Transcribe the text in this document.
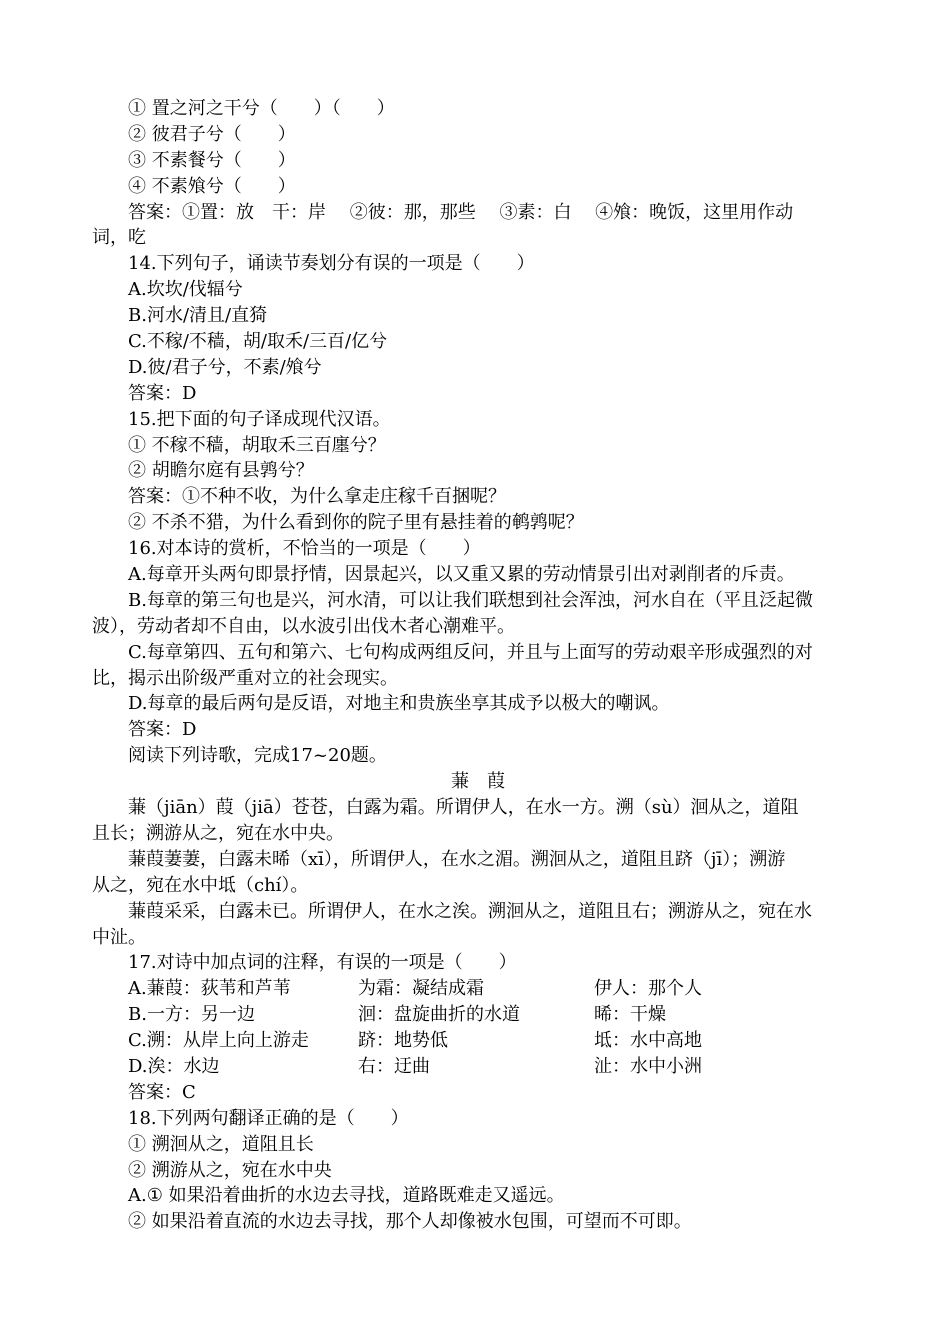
① 置之河之干兮（　　）（　　）
② 彼君子兮（　　）
③ 不素餐兮（　　）
④ 不素飧兮（　　）
答案：①置：放　干：岸　 ②彼：那，那些　 ③素：白　 ④飧：晚饭，这里用作动
词，吃
14.下列句子，诵读节奏划分有误的一项是（　　）
A.坎坎/伐辐兮
B.河水/清且/直猗
C.不稼/不穑，胡/取禾/三百/亿兮
D.彼/君子兮，不素/飧兮
答案：D
15.把下面的句子译成现代汉语。
① 不稼不穑，胡取禾三百廛兮？
② 胡瞻尔庭有县鹑兮？
答案：①不种不收，为什么拿走庄稼千百捆呢？
② 不杀不猎，为什么看到你的院子里有悬挂着的鹌鹑呢？
16.对本诗的赏析，不恰当的一项是（　　）
A.每章开头两句即景抒情，因景起兴，以又重又累的劳动情景引出对剥削者的斥责。
B.每章的第三句也是兴，河水清，可以让我们联想到社会浑浊，河水自在（平且泛起微
波），劳动者却不自由，以水波引出伐木者心潮难平。
C.每章第四、五句和第六、七句构成两组反问，并且与上面写的劳动艰辛形成强烈的对
比，揭示出阶级严重对立的社会现实。
D.每章的最后两句是反语，对地主和贵族坐享其成予以极大的嘲讽。
答案：D
阅读下列诗歌，完成17~20题。
蒹　葭
蒹（jiān）葭（jiā）苍苍，白露为霜。所谓伊人，在水一方。溯（sù）洄从之，道阻
且长；溯游从之，宛在水中央。
蒹葭萋萋，白露未晞（xī），所谓伊人，在水之湄。溯洄从之，道阻且跻（jī）；溯游
从之，宛在水中坻（chí）。
蒹葭采采，白露未已。所谓伊人，在水之涘。溯洄从之，道阻且右；溯游从之，宛在水
中沚。
17.对诗中加点词的注释，有误的一项是（　　）
A.蒹葭：荻苇和芦苇	为霜：凝结成霜	伊人：那个人
B.一方：另一边	洄：盘旋曲折的水道	晞：干燥
C.溯：从岸上向上游走	跻：地势低	坻：水中高地
D.涘：水边	右：迂曲	沚：水中小洲
答案：C
18.下列两句翻译正确的是（　　）
① 溯洄从之，道阻且长
② 溯游从之，宛在水中央
A.① 如果沿着曲折的水边去寻找，道路既难走又遥远。
② 如果沿着直流的水边去寻找，那个人却像被水包围，可望而不可即。
